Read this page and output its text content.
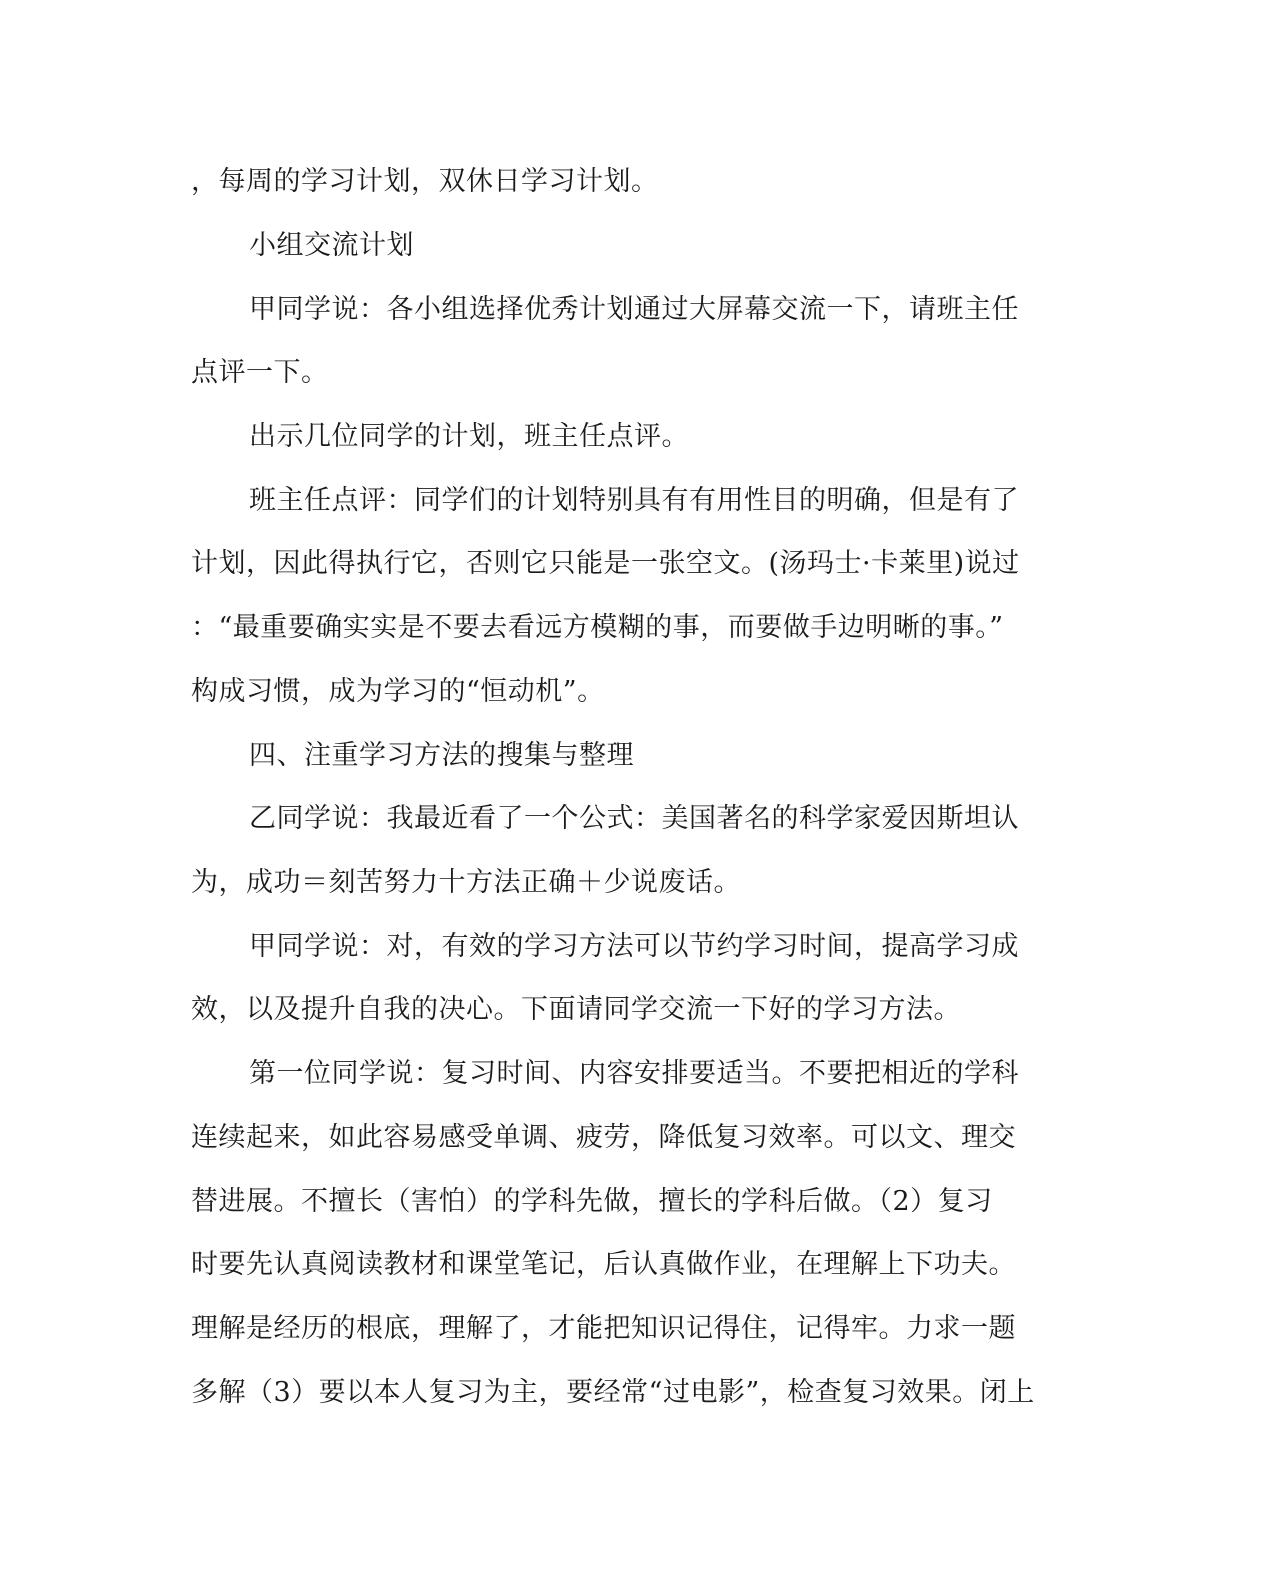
，每周的学习计划，双休日学习计划。
小组交流计划
甲同学说：各小组选择优秀计划通过大屏幕交流一下，请班主任
点评一下。
出示几位同学的计划，班主任点评。
班主任点评：同学们的计划特别具有有用性目的明确，但是有了
计划，因此得执行它，否则它只能是一张空文。(汤玛士·卡莱里)说过
：“最重要确实实是不要去看远方模糊的事，而要做手边明晰的事。”
构成习惯，成为学习的“恒动机”。
四、注重学习方法的搜集与整理
乙同学说：我最近看了一个公式：美国著名的科学家爱因斯坦认
为，成功＝刻苦努力十方法正确＋少说废话。
甲同学说：对，有效的学习方法可以节约学习时间，提高学习成
效，以及提升自我的决心。下面请同学交流一下好的学习方法。
第一位同学说：复习时间、内容安排要适当。不要把相近的学科
连续起来，如此容易感受单调、疲劳，降低复习效率。可以文、理交
替进展。不擅长（害怕）的学科先做，擅长的学科后做。（2）复习
时要先认真阅读教材和课堂笔记，后认真做作业，在理解上下功夫。
理解是经历的根底，理解了，才能把知识记得住，记得牢。力求一题
多解（3）要以本人复习为主，要经常“过电影”，检查复习效果。闭上
